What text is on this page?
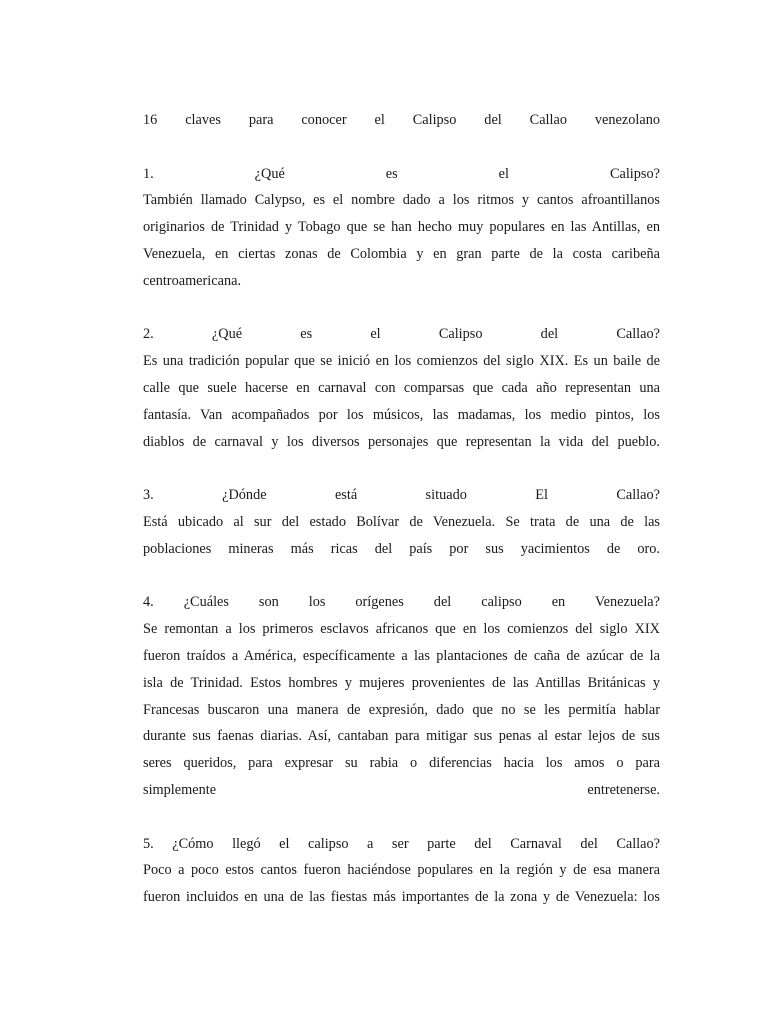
16 claves para conocer el Calipso del Callao venezolano
1. ¿Qué es el Calipso?
También llamado Calypso, es el nombre dado a los ritmos y cantos afroantillanos
originarios de Trinidad y Tobago que se han hecho muy populares en las Antillas, en
Venezuela, en ciertas zonas de Colombia y en gran parte de la costa caribeña
centroamericana.
2. ¿Qué es el Calipso del Callao?
Es una tradición popular que se inició en los comienzos del siglo XIX. Es un baile de
calle que suele hacerse en carnaval con comparsas que cada año representan una
fantasía. Van acompañados por los músicos, las madamas, los medio pintos, los
diablos de carnaval y los diversos personajes que representan la vida del pueblo.
3. ¿Dónde está situado El Callao?
Está ubicado al sur del estado Bolívar de Venezuela. Se trata de una de las
poblaciones mineras más ricas del país por sus yacimientos de oro.
4. ¿Cuáles son los orígenes del calipso en Venezuela?
Se remontan a los primeros esclavos africanos que en los comienzos del siglo XIX
fueron traídos a América, específicamente a las plantaciones de caña de azúcar de la
isla de Trinidad. Estos hombres y mujeres provenientes de las Antillas Británicas y
Francesas buscaron una manera de expresión, dado que no se les permitía hablar
durante sus faenas diarias. Así, cantaban para mitigar sus penas al estar lejos de sus
seres queridos, para expresar su rabia o diferencias hacia los amos o para
simplemente entretenerse.
5. ¿Cómo llegó el calipso a ser parte del Carnaval del Callao?
Poco a poco estos cantos fueron haciéndose populares en la región y de esa manera
fueron incluidos en una de las fiestas más importantes de la zona y de Venezuela: los
